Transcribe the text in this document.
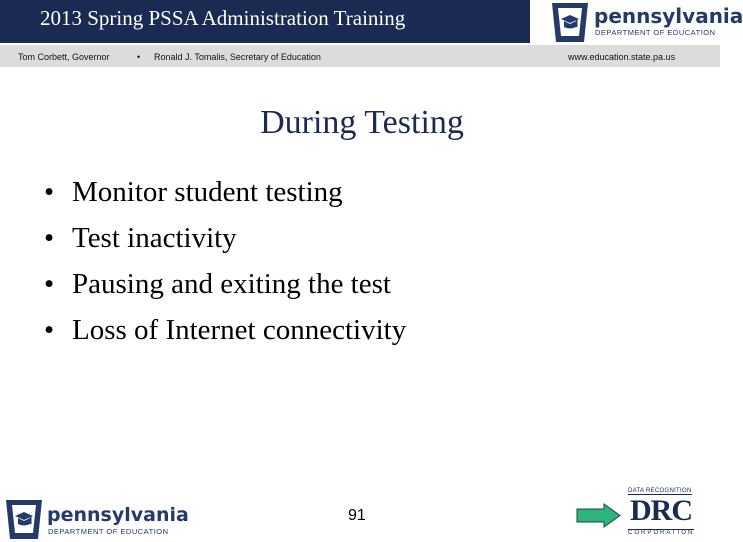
2013 Spring PSSA Administration Training
Tom Corbett, Governor	• Ronald J. Tomalis, Secretary of Education	www.education.state.pa.us
pennsylvania
DEPARTMENT OF EDUCATION
During Testing
• Monitor student testing
• Test inactivity
• Pausing and exiting the test
• Loss of Internet connectivity
91
pennsylvania
DEPARTMENT OF EDUCATION
DATA RECOGNITION
DRC
CORPORATION
